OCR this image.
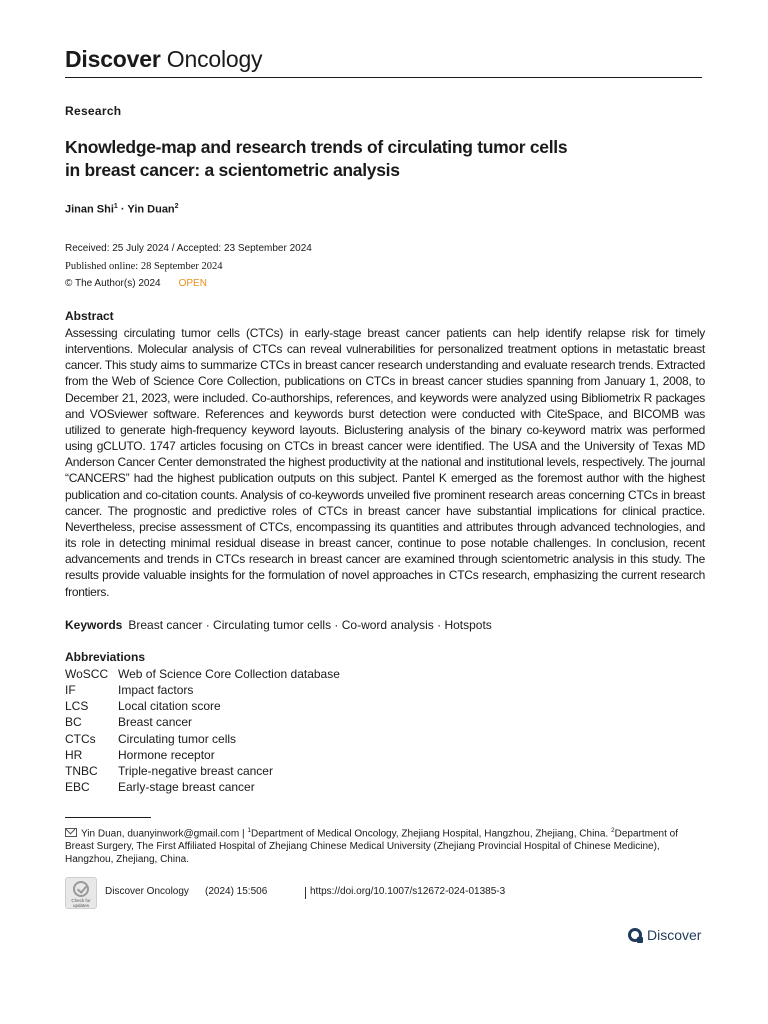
Discover Oncology
Research
Knowledge-map and research trends of circulating tumor cells
in breast cancer: a scientometric analysis
Jinan Shi$^1$ · Yin Duan$^2$
Received: 25 July 2024 / Accepted: 23 September 2024
Published online: 28 September 2024
© The Author(s) 2024 OPEN
Abstract
Assessing circulating tumor cells (CTCs) in early-stage breast cancer patients can help identify relapse risk for timely interventions. Molecular analysis of CTCs can reveal vulnerabilities for personalized treatment options in metastatic breast cancer. This study aims to summarize CTCs in breast cancer research understanding and evaluate research trends. Extracted from the Web of Science Core Collection, publications on CTCs in breast cancer studies spanning from January 1, 2008, to December 21, 2023, were included. Co-authorships, references, and keywords were analyzed using Bibliometrix R packages and VOSviewer software. References and keywords burst detection were conducted with CiteSpace, and BICOMB was utilized to generate high-frequency keyword layouts. Biclustering analysis of the binary co-keyword matrix was performed using gCLUTO. 1747 articles focusing on CTCs in breast cancer were identified. The USA and the University of Texas MD Anderson Cancer Center demonstrated the highest productivity at the national and institutional levels, respectively. The journal “CANCERS” had the highest publication outputs on this subject. Pantel K emerged as the foremost author with the highest publication and co-citation counts. Analysis of co-keywords unveiled five prominent research areas concerning CTCs in breast cancer. The prognostic and predictive roles of CTCs in breast cancer have substantial implications for clinical practice. Nevertheless, precise assessment of CTCs, encompassing its quantities and attributes through advanced technologies, and its role in detecting minimal residual disease in breast cancer, continue to pose notable challenges. In conclusion, recent advancements and trends in CTCs research in breast cancer are examined through scientometric analysis in this study. The results provide valuable insights for the formulation of novel approaches in CTCs research, emphasizing the current research frontiers.
Keywords Breast cancer · Circulating tumor cells · Co-word analysis · Hotspots
Abbreviations
WoSCC Web of Science Core Collection database
IF	Impact factors
LCS	Local citation score
BC	Breast cancer
CTCs	Circulating tumor cells
HR	Hormone receptor
TNBC	Triple-negative breast cancer
EBC	Early-stage breast cancer
Yin Duan, duanyinwork@gmail.com | $^1$Department of Medical Oncology, Zhejiang Hospital, Hangzhou, Zhejiang, China. $^2$Department of Breast Surgery, The First Affiliated Hospital of Zhejiang Chinese Medical University (Zhejiang Provincial Hospital of Chinese Medicine), Hangzhou, Zhejiang, China.
Check for updates
Discover Oncology (2024) 15:506	https://doi.org/10.1007/s12672-024-01385-3
Discover
